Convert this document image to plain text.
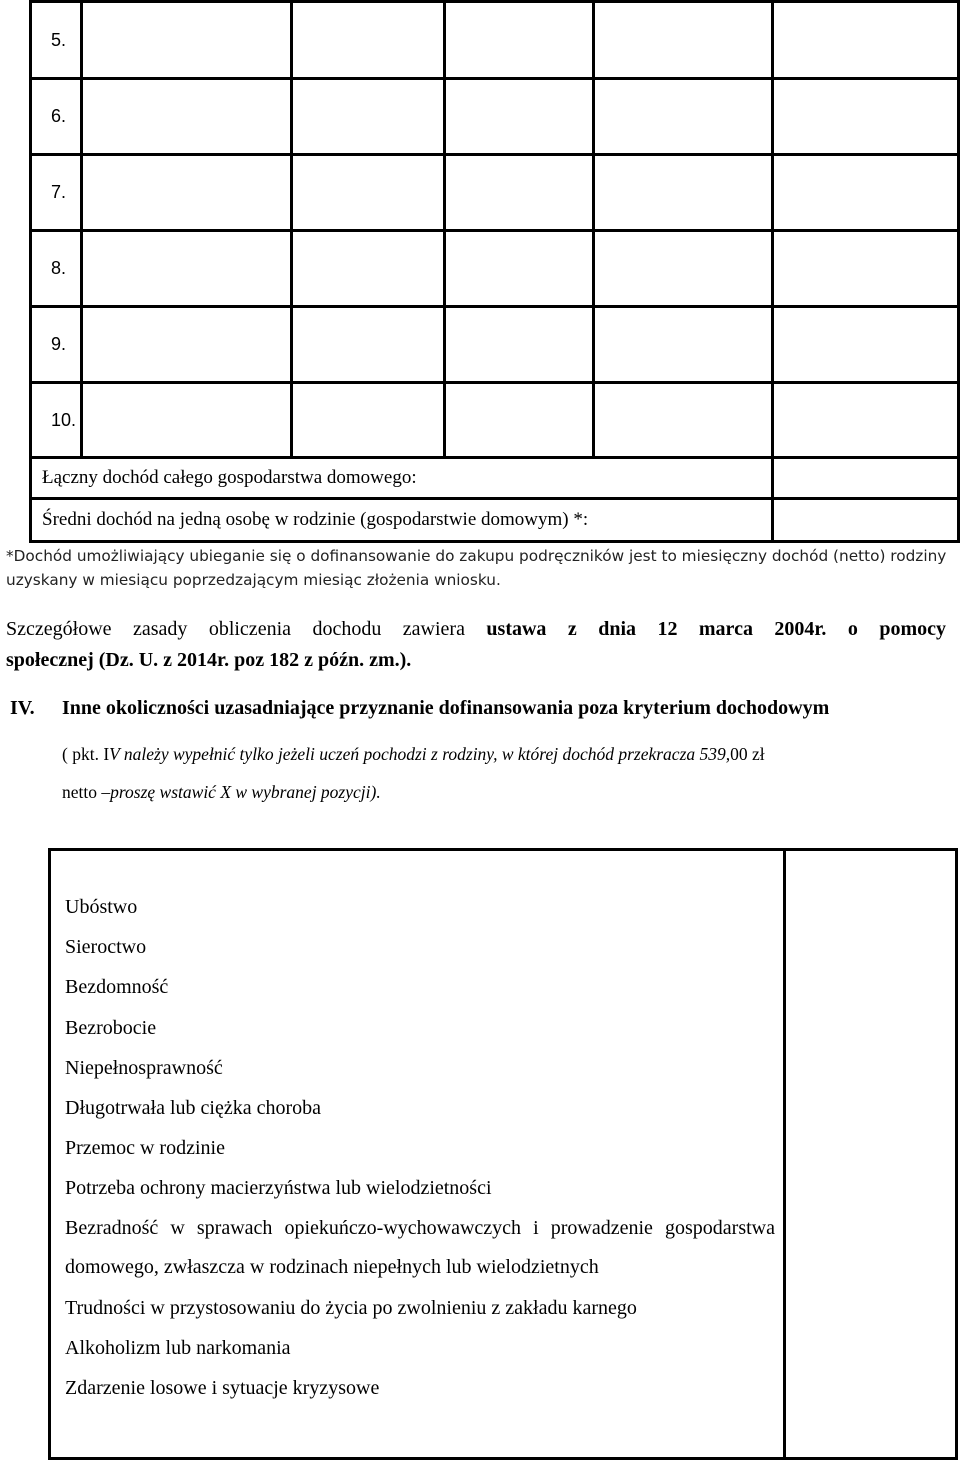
5.
6.
7.
8.
9.
10.
Łączny dochód całego gospodarstwa domowego:
Średni dochód na jedną osobę w rodzinie (gospodarstwie domowym) *:
*Dochód umożliwiający ubieganie się o dofinansowanie do zakupu podręczników jest to miesięczny dochód (netto) rodziny uzyskany w miesiącu poprzedzającym miesiąc złożenia wniosku.
Szczegółowe zasady obliczenia dochodu zawiera ustawa z dnia 12 marca 2004r. o pomocy
społecznej (Dz. U. z 2014r. poz 182 z późn. zm.).
IV. Inne okoliczności uzasadniające przyznanie dofinansowania poza kryterium dochodowym
( pkt. IV należy wypełnić tylko jeżeli uczeń pochodzi z rodziny, w której dochód przekracza 539,00 zł
netto –proszę wstawić X w wybranej pozycji).
Ubóstwo
Sieroctwo
Bezdomność
Bezrobocie
Niepełnosprawność
Długotrwała lub ciężka choroba
Przemoc w rodzinie
Potrzeba ochrony macierzyństwa lub wielodzietności
Bezradność w sprawach opiekuńczo-wychowawczych i prowadzenie gospodarstwa domowego, zwłaszcza w rodzinach niepełnych lub wielodzietnych
Trudności w przystosowaniu do życia po zwolnieniu z zakładu karnego
Alkoholizm lub narkomania
Zdarzenie losowe i sytuacje kryzysowe
